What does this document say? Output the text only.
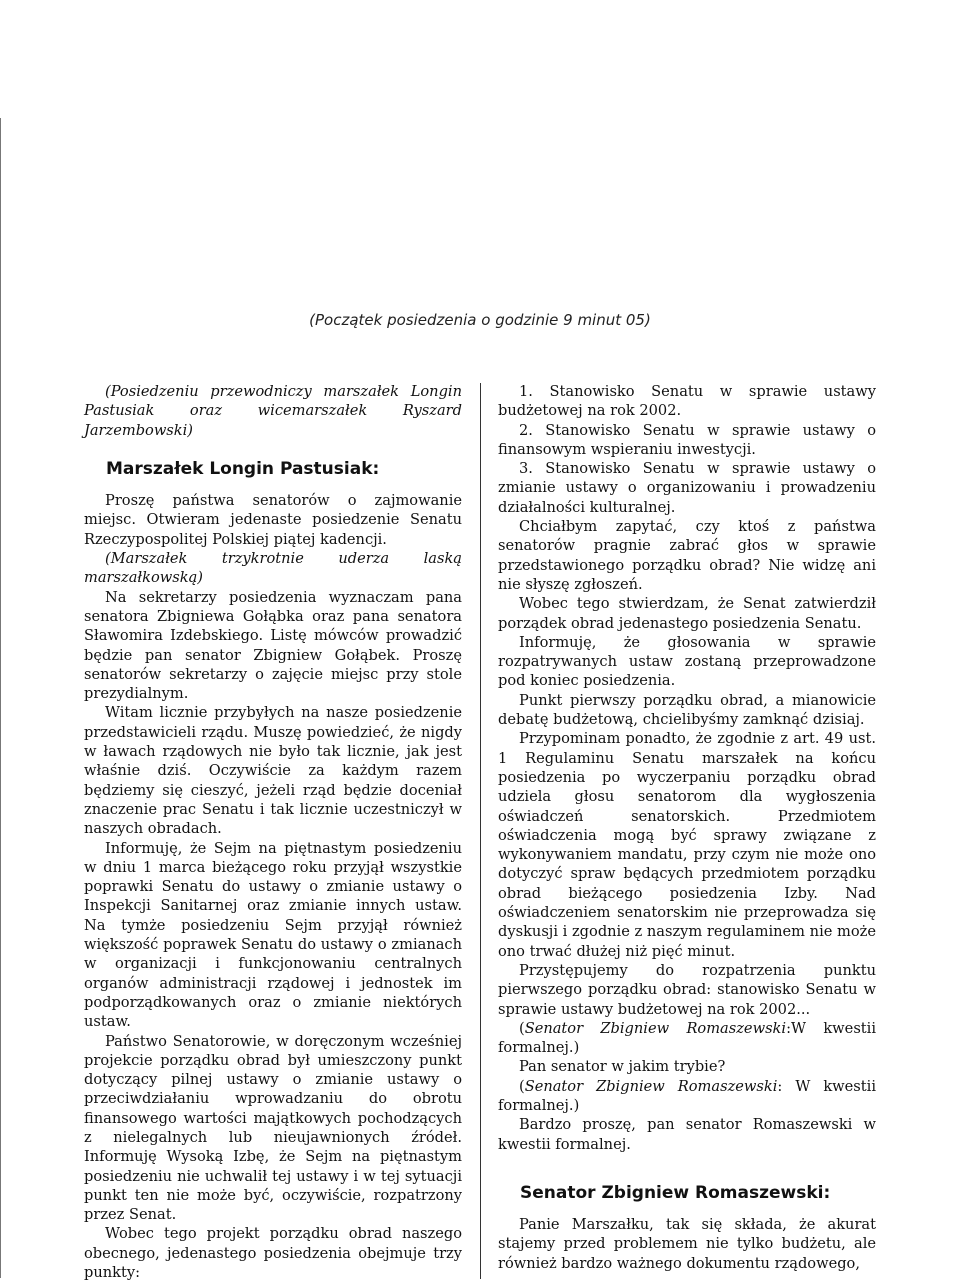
(Początek posiedzenia o godzinie 9 minut 05)

(Posiedzeniu przewodniczy marszałek Longin Pastusiak oraz wicemarszałek Ryszard Jarzembowski)

Marszałek Longin Pastusiak:

Proszę państwa senatorów o zajmowanie miejsc. Otwieram jedenaste posiedzenie Senatu Rzeczypospolitej Polskiej piątej kadencji.

(Marszałek trzykrotnie uderza laską marszałkowską)

Na sekretarzy posiedzenia wyznaczam pana senatora Zbigniewa Gołąbka oraz pana senatora Sławomira Izdebskiego. Listę mówców prowadzić będzie pan senator Zbigniew Gołąbek. Proszę senatorów sekretarzy o zajęcie miejsc przy stole prezydialnym.

Witam licznie przybyłych na nasze posiedzenie przedstawicieli rządu. Muszę powiedzieć, że nigdy w ławach rządowych nie było tak licznie, jak jest właśnie dziś. Oczywiście za każdym razem będziemy się cieszyć, jeżeli rząd będzie doceniał znaczenie prac Senatu i tak licznie uczestniczył w naszych obradach.

Informuję, że Sejm na piętnastym posiedzeniu w dniu 1 marca bieżącego roku przyjął wszystkie poprawki Senatu do ustawy o zmianie ustawy o Inspekcji Sanitarnej oraz zmianie innych ustaw. Na tymże posiedzeniu Sejm przyjął również większość poprawek Senatu do ustawy o zmianach w organizacji i funkcjonowaniu centralnych organów administracji rządowej i jednostek im podporządkowanych oraz o zmianie niektórych ustaw.

Państwo Senatorowie, w doręczonym wcześniej projekcie porządku obrad był umieszczony punkt dotyczący pilnej ustawy o zmianie ustawy o przeciwdziałaniu wprowadzaniu do obrotu finansowego wartości majątkowych pochodzących z nielegalnych lub nieujawnionych źródeł. Informuję Wysoką Izbę, że Sejm na piętnastym posiedzeniu nie uchwalił tej ustawy i w tej sytuacji punkt ten nie może być, oczywiście, rozpatrzony przez Senat.

Wobec tego projekt porządku obrad naszego obecnego, jedenastego posiedzenia obejmuje trzy punkty:

1. Stanowisko Senatu w sprawie ustawy budżetowej na rok 2002.

2. Stanowisko Senatu w sprawie ustawy o finansowym wspieraniu inwestycji.

3. Stanowisko Senatu w sprawie ustawy o zmianie ustawy o organizowaniu i prowadzeniu działalności kulturalnej.

Chciałbym zapytać, czy ktoś z państwa senatorów pragnie zabrać głos w sprawie przedstawionego porządku obrad? Nie widzę ani nie słyszę zgłoszeń.

Wobec tego stwierdzam, że Senat zatwierdził porządek obrad jedenastego posiedzenia Senatu.

Informuję, że głosowania w sprawie rozpatrywanych ustaw zostaną przeprowadzone pod koniec posiedzenia.

Punkt pierwszy porządku obrad, a mianowicie debatę budżetową, chcielibyśmy zamknąć dzisiaj.

Przypominam ponadto, że zgodnie z art. 49 ust. 1 Regulaminu Senatu marszałek na końcu posiedzenia po wyczerpaniu porządku obrad udziela głosu senatorom dla wygłoszenia oświadczeń senatorskich. Przedmiotem oświadczenia mogą być sprawy związane z wykonywaniem mandatu, przy czym nie może ono dotyczyć spraw będących przedmiotem porządku obrad bieżącego posiedzenia Izby. Nad oświadczeniem senatorskim nie przeprowadza się dyskusji i zgodnie z naszym regulaminem nie może ono trwać dłużej niż pięć minut.

Przystępujemy do rozpatrzenia punktu pierwszego porządku obrad: stanowisko Senatu w sprawie ustawy budżetowej na rok 2002...

(Senator Zbigniew Romaszewski:W kwestii formalnej.)

Pan senator w jakim trybie?

(Senator Zbigniew Romaszewski: W kwestii formalnej.)

Bardzo proszę, pan senator Romaszewski w kwestii formalnej.

Senator Zbigniew Romaszewski:

Panie Marszałku, tak się składa, że akurat stajemy przed problemem nie tylko budżetu, ale również bardzo ważnego dokumentu rządowego,
